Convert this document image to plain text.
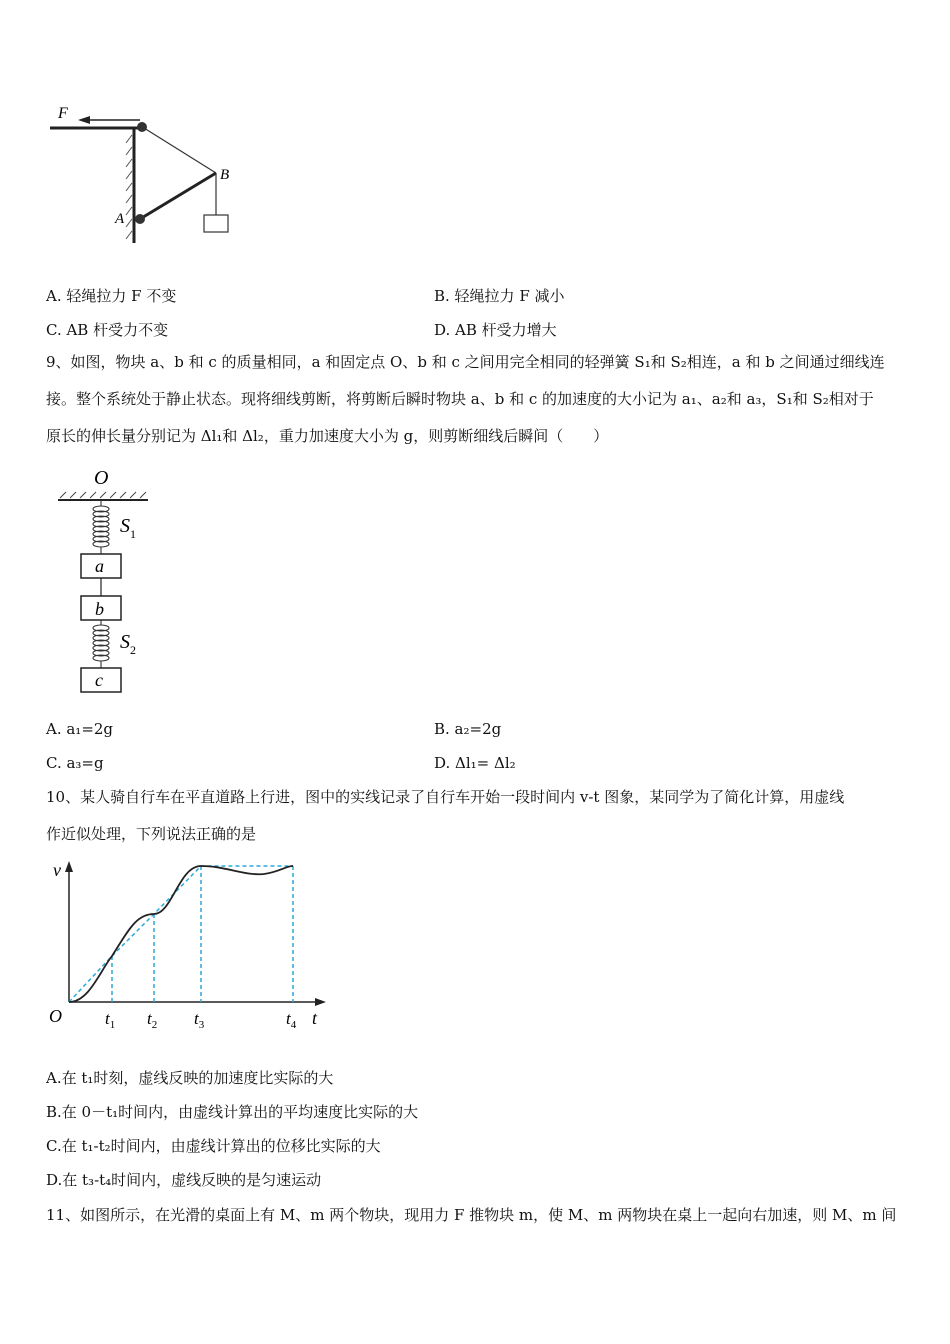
F
B
A
A. 轻绳拉力 F 不变	B. 轻绳拉力 F 减小
C. AB 杆受力不变	D. AB 杆受力增大
9、如图，物块 a、b 和 c 的质量相同，a 和固定点 O、b 和 c 之间用完全相同的轻弹簧 S₁和 S₂相连，a 和 b 之间通过细线连
接。整个系统处于静止状态。现将细线剪断，将剪断后瞬时物块 a、b 和 c 的加速度的大小记为 a₁、a₂和 a₃，S₁和 S₂相对于
原长的伸长量分别记为 Δl₁和 Δl₂，重力加速度大小为 g，则剪断细线后瞬间（　　）
O
$S_1$
a
b
$S_2$
c
A. a₁=2g	B. a₂=2g
C. a₃=g	D. Δl₁= Δl₂
10、某人骑自行车在平直道路上行进，图中的实线记录了自行车开始一段时间内 v-t 图象，某同学为了简化计算，用虚线
作近似处理，下列说法正确的是
v
O	t
$t_1$ $t_2$ $t_3$	$t_4$
A.在 t₁时刻，虚线反映的加速度比实际的大
B.在 0－t₁时间内，由虚线计算出的平均速度比实际的大
C.在 t₁-t₂时间内，由虚线计算出的位移比实际的大
D.在 t₃-t₄时间内，虚线反映的是匀速运动
11、如图所示，在光滑的桌面上有 M、m 两个物块，现用力 F 推物块 m，使 M、m 两物块在桌上一起向右加速，则 M、m 间
